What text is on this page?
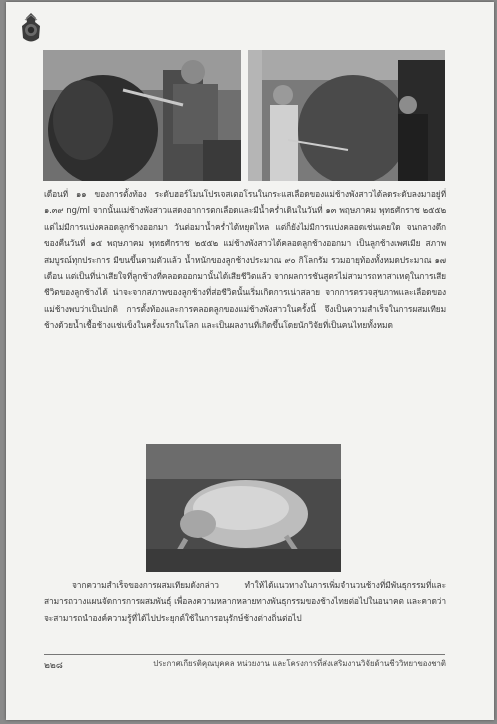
เดือนที่ ๑๑ ของการตั้งท้อง ระดับฮอร์โมนโปรเจสเตอโรนในกระแสเลือดของแม่ช้างพังสาวได้ลดระดับลงมาอยู่ที่ ๑.๓๙ ng/ml จากนั้นแม่ช้างพังสาวแสดงอาการตกเลือดและมีน้ำคร่ำเดินในวันที่ ๑๓ พฤษภาคม พุทธศักราช ๒๕๕๒ แต่ไม่มีการแบ่งคลอดลูกช้างออกมา วันต่อมาน้ำคร่ำได้หยุดไหล แต่ก็ยังไม่มีการแบ่งคลอดเช่นเคยใด จนกลางดึกของคืนวันที่ ๑๕ พฤษภาคม พุทธศักราช ๒๕๕๒ แม่ช้างพังสาวได้คลอดลูกช้างออกมา เป็นลูกช้างเพศเมีย สภาพสมบูรณ์ทุกประการ มีขนขึ้นตามตัวแล้ว น้ำหนักของลูกช้างประมาณ ๙๐ กิโลกรัม รวมอายุท้องทั้งหมดประมาณ ๑๗ เดือน แต่เป็นที่น่าเสียใจที่ลูกช้างที่คลอดออกมานั้นได้เสียชีวิตแล้ว จากผลการชันสูตรไม่สามารถหาสาเหตุในการเสียชีวิตของลูกช้างได้ น่าจะจากสภาพของลูกช้างที่ส่อชีวิตนั้นเริ่มเกิดการเน่าสลาย จากการตรวจสุขภาพและเลือดของแม่ช้างพบว่าเป็นปกติ การตั้งท้องและการคลอดลูกของแม่ช้างพังสาวในครั้งนี้ จึงเป็นความสำเร็จในการผสมเทียมช้างด้วยน้ำเชื้อช้างแช่แข็งในครั้งแรกในโลก และเป็นผลงานที่เกิดขึ้นโดยนักวิจัยที่เป็นคนไทยทั้งหมด

จากความสำเร็จของการผสมเทียมดังกล่าว ทำให้ได้แนวทางในการเพิ่มจำนวนช้างที่มีพันธุกรรมที่และสามารถวางแผนจัดการการผสมพันธุ์ เพื่อลงความหลากหลายทางพันธุกรรมของช้างไทยต่อไปในอนาคต และคาดว่าจะสามารถนำองค์ความรู้ที่ได้ไปประยุกต์ใช้ในการอนุรักษ์ช้างต่างถิ่นต่อไป

๒๒๘	ประกาศเกียรติคุณบุคคล หน่วยงาน และโครงการที่ส่งเสริมงานวิจัยด้านชีววิทยาของชาติ
